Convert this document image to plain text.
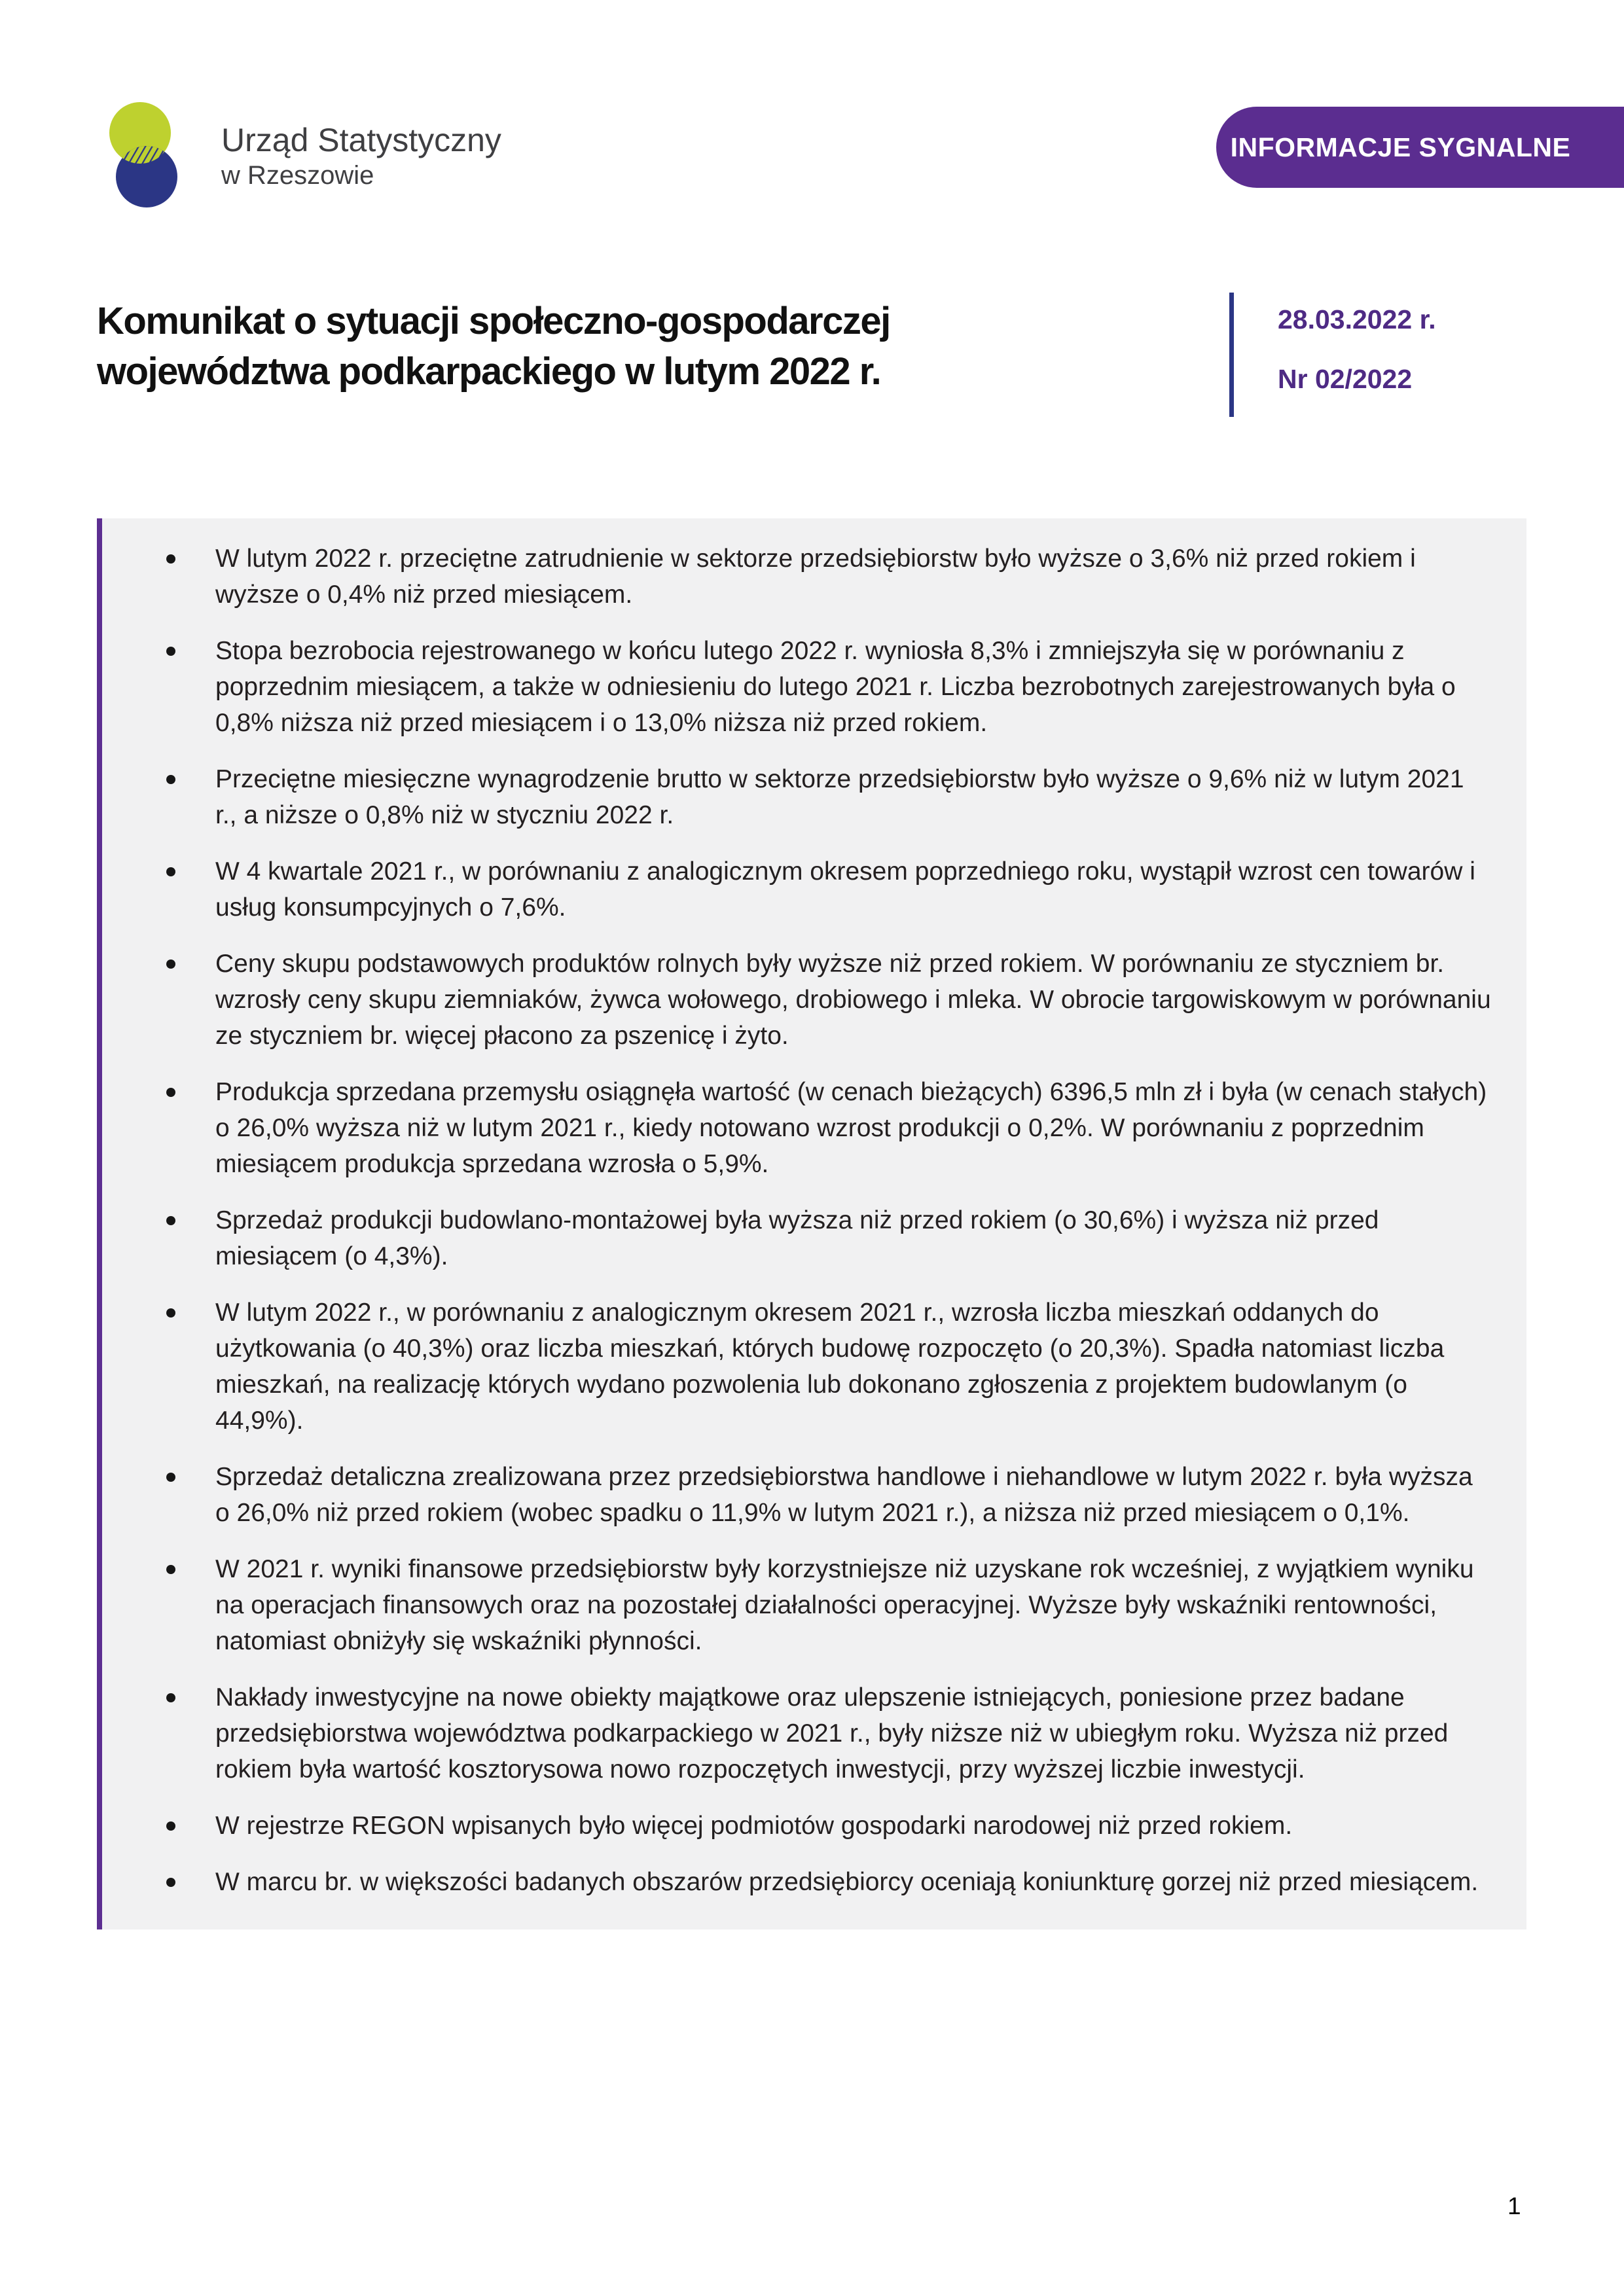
Urząd Statystyczny
w Rzeszowie
INFORMACJE SYGNALNE
Komunikat o sytuacji społeczno-gospodarczej
województwa podkarpackiego w lutym 2022 r.
28.03.2022 r.
Nr 02/2022
W lutym 2022 r. przeciętne zatrudnienie w sektorze przedsiębiorstw było wyższe o 3,6% niż przed rokiem i wyższe o 0,4% niż przed miesiącem.
Stopa bezrobocia rejestrowanego w końcu lutego 2022 r. wyniosła 8,3% i zmniejszyła się w porównaniu z poprzednim miesiącem, a także w odniesieniu do lutego 2021 r. Liczba bezrobotnych zarejestrowanych była o 0,8% niższa niż przed miesiącem i o 13,0% niższa niż przed rokiem.
Przeciętne miesięczne wynagrodzenie brutto w sektorze przedsiębiorstw było wyższe o 9,6% niż w lutym 2021 r., a niższe o 0,8% niż w styczniu 2022 r.
W 4 kwartale 2021 r., w porównaniu z analogicznym okresem poprzedniego roku, wystąpił wzrost cen towarów i usług konsumpcyjnych o 7,6%.
Ceny skupu podstawowych produktów rolnych były wyższe niż przed rokiem. W porównaniu ze styczniem br. wzrosły ceny skupu ziemniaków, żywca wołowego, drobiowego i mleka. W obrocie targowiskowym w porównaniu ze styczniem br. więcej płacono za pszenicę i żyto.
Produkcja sprzedana przemysłu osiągnęła wartość (w cenach bieżących) 6396,5 mln zł i była (w cenach stałych) o 26,0% wyższa niż w lutym 2021 r., kiedy notowano wzrost produkcji o 0,2%. W porównaniu z poprzednim miesiącem produkcja sprzedana wzrosła o 5,9%.
Sprzedaż produkcji budowlano-montażowej była wyższa niż przed rokiem (o 30,6%) i wyższa niż przed miesiącem (o 4,3%).
W lutym 2022 r., w porównaniu z analogicznym okresem 2021 r., wzrosła liczba mieszkań oddanych do użytkowania (o 40,3%) oraz liczba mieszkań, których budowę rozpoczęto (o 20,3%). Spadła natomiast liczba mieszkań, na realizację których wydano pozwolenia lub dokonano zgłoszenia z projektem budowlanym (o 44,9%).
Sprzedaż detaliczna zrealizowana przez przedsiębiorstwa handlowe i niehandlowe w lutym 2022 r. była wyższa o 26,0% niż przed rokiem (wobec spadku o 11,9% w lutym 2021 r.), a niższa niż przed miesiącem o 0,1%.
W 2021 r. wyniki finansowe przedsiębiorstw były korzystniejsze niż uzyskane rok wcześniej, z wyjątkiem wyniku na operacjach finansowych oraz na pozostałej działalności operacyjnej. Wyższe były wskaźniki rentowności, natomiast obniżyły się wskaźniki płynności.
Nakłady inwestycyjne na nowe obiekty majątkowe oraz ulepszenie istniejących, poniesione przez badane przedsiębiorstwa województwa podkarpackiego w 2021 r., były niższe niż w ubiegłym roku. Wyższa niż przed rokiem była wartość kosztorysowa nowo rozpoczętych inwestycji, przy wyższej liczbie inwestycji.
W rejestrze REGON wpisanych było więcej podmiotów gospodarki narodowej niż przed rokiem.
W marcu br. w większości badanych obszarów przedsiębiorcy oceniają koniunkturę gorzej niż przed miesiącem.
1
